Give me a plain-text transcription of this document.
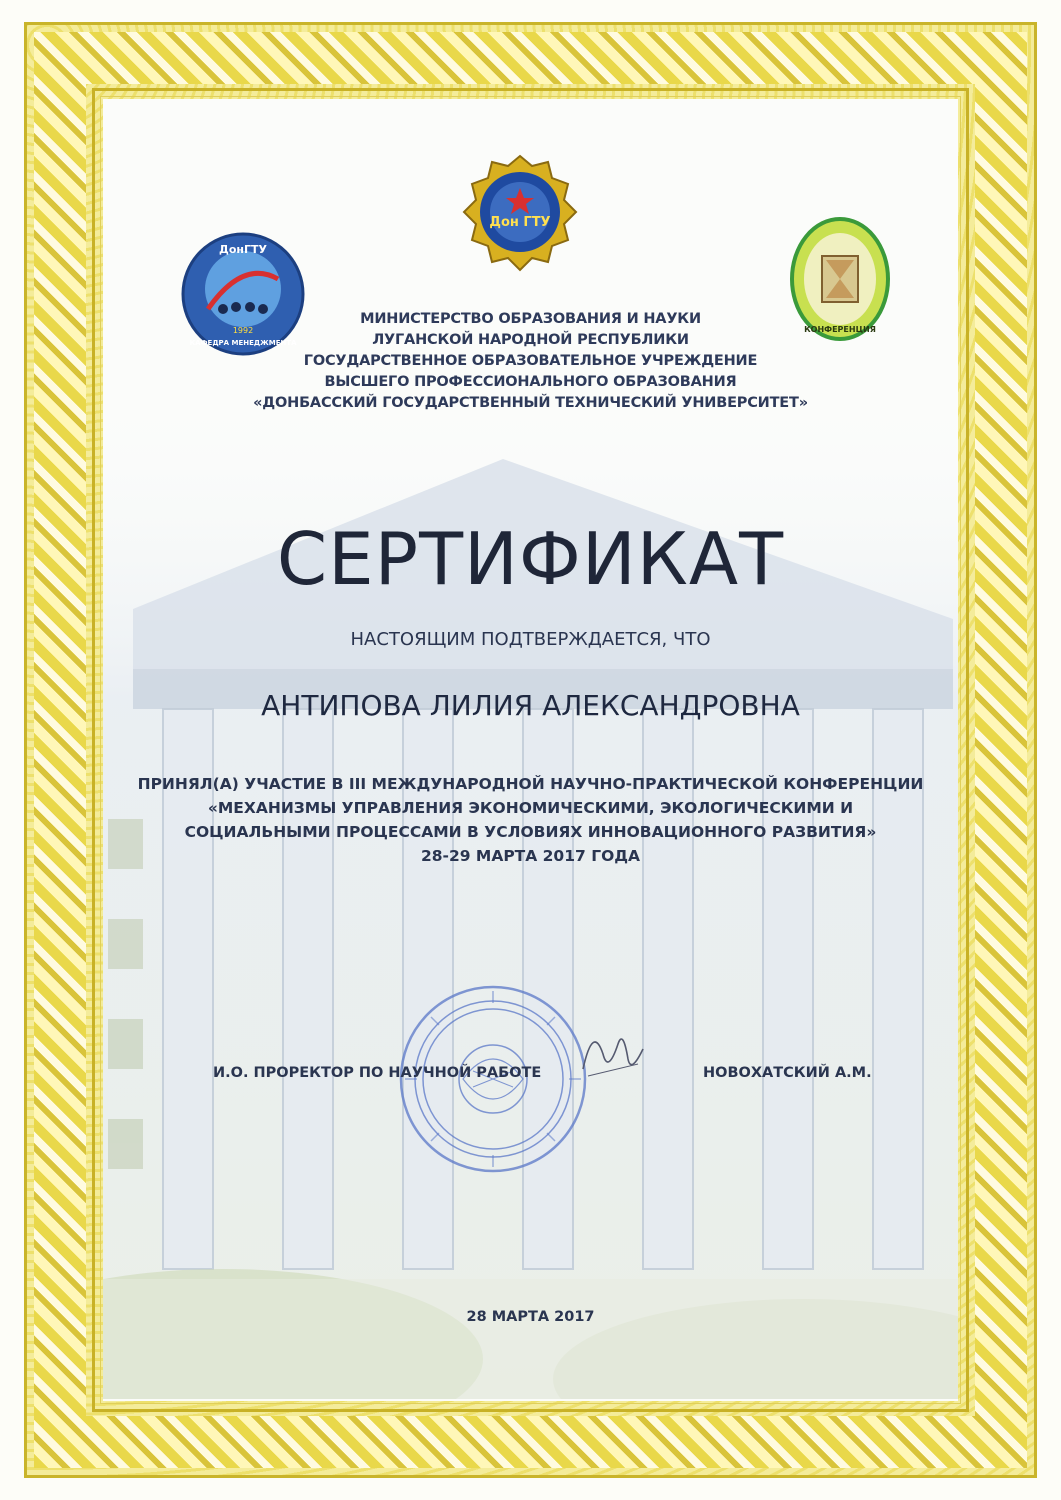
ДонГТУ
1992
КАФЕДРА МЕНЕДЖМЕНТА
Дон ГТУ
КОНФЕРЕНЦИЯ
МИНИСТЕРСТВО ОБРАЗОВАНИЯ И НАУКИ
ЛУГАНСКОЙ НАРОДНОЙ РЕСПУБЛИКИ
ГОСУДАРСТВЕННОЕ ОБРАЗОВАТЕЛЬНОЕ УЧРЕЖДЕНИЕ
ВЫСШЕГО ПРОФЕССИОНАЛЬНОГО ОБРАЗОВАНИЯ
«ДОНБАССКИЙ ГОСУДАРСТВЕННЫЙ ТЕХНИЧЕСКИЙ УНИВЕРСИТЕТ»
СЕРТИФИКАТ
НАСТОЯЩИМ ПОДТВЕРЖДАЕТСЯ, ЧТО
АНТИПОВА ЛИЛИЯ АЛЕКСАНДРОВНА
ПРИНЯЛ(А) УЧАСТИЕ В III МЕЖДУНАРОДНОЙ НАУЧНО-ПРАКТИЧЕСКОЙ КОНФЕРЕНЦИИ
«МЕХАНИЗМЫ УПРАВЛЕНИЯ ЭКОНОМИЧЕСКИМИ, ЭКОЛОГИЧЕСКИМИ И
СОЦИАЛЬНЫМИ ПРОЦЕССАМИ В УСЛОВИЯХ ИННОВАЦИОННОГО РАЗВИТИЯ»
28-29 МАРТА 2017 ГОДА
И.О. ПРОРЕКТОР ПО НАУЧНОЙ РАБОТЕ	НОВОХАТСКИЙ А.М.
28 МАРТА 2017
